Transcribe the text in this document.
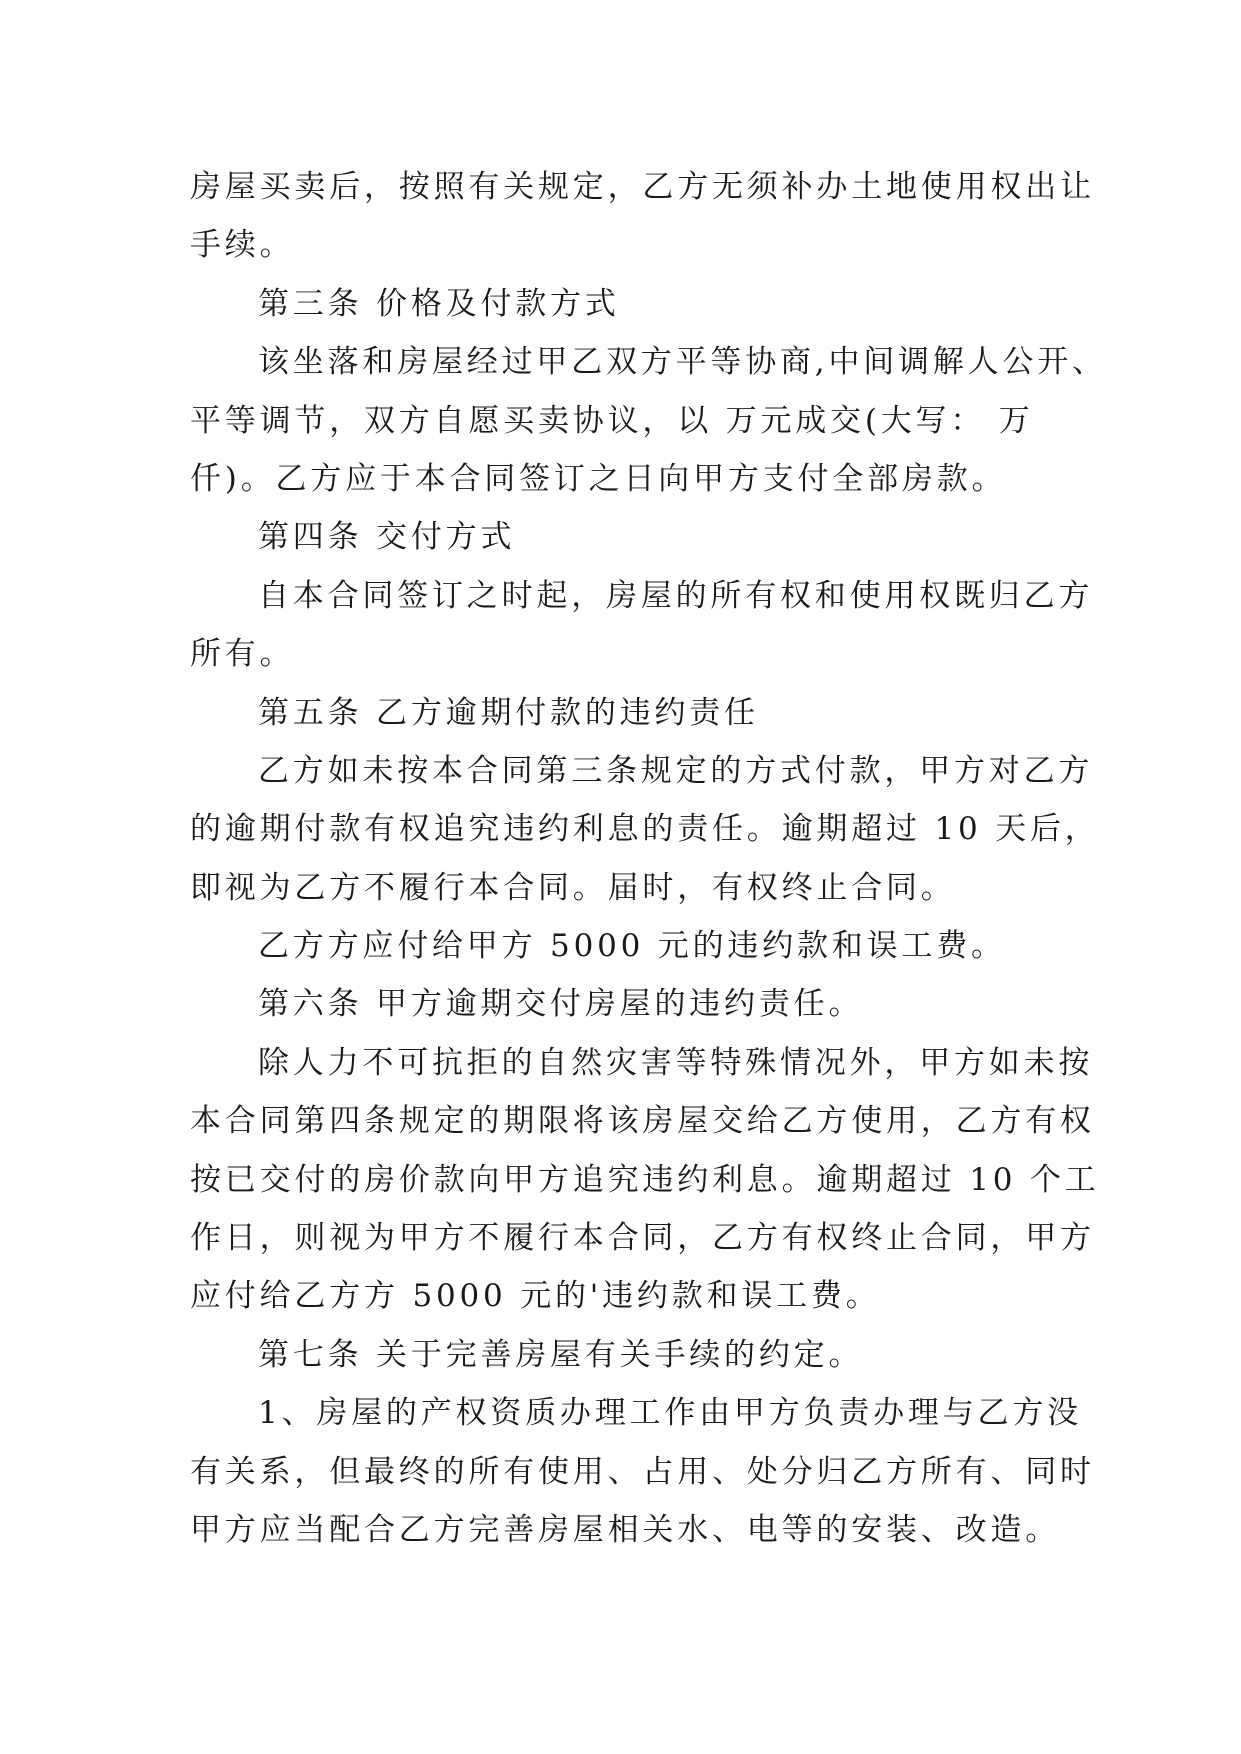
房屋买卖后，按照有关规定，乙方无须补办土地使用权出让
手续。
第三条 价格及付款方式
该坐落和房屋经过甲乙双方平等协商,中间调解人公开、
平等调节，双方自愿买卖协议，以 万元成交(大写： 万
仟)。乙方应于本合同签订之日向甲方支付全部房款。
第四条 交付方式
自本合同签订之时起，房屋的所有权和使用权既归乙方
所有。
第五条 乙方逾期付款的违约责任
乙方如未按本合同第三条规定的方式付款，甲方对乙方
的逾期付款有权追究违约利息的责任。逾期超过 10 天后，
即视为乙方不履行本合同。届时，有权终止合同。
乙方方应付给甲方 5000 元的违约款和误工费。
第六条 甲方逾期交付房屋的违约责任。
除人力不可抗拒的自然灾害等特殊情况外，甲方如未按
本合同第四条规定的期限将该房屋交给乙方使用，乙方有权
按已交付的房价款向甲方追究违约利息。逾期超过 10 个工
作日，则视为甲方不履行本合同，乙方有权终止合同，甲方
应付给乙方方 5000 元的'违约款和误工费。
第七条 关于完善房屋有关手续的约定。
1、房屋的产权资质办理工作由甲方负责办理与乙方没
有关系，但最终的所有使用、占用、处分归乙方所有、同时
甲方应当配合乙方完善房屋相关水、电等的安装、改造。
